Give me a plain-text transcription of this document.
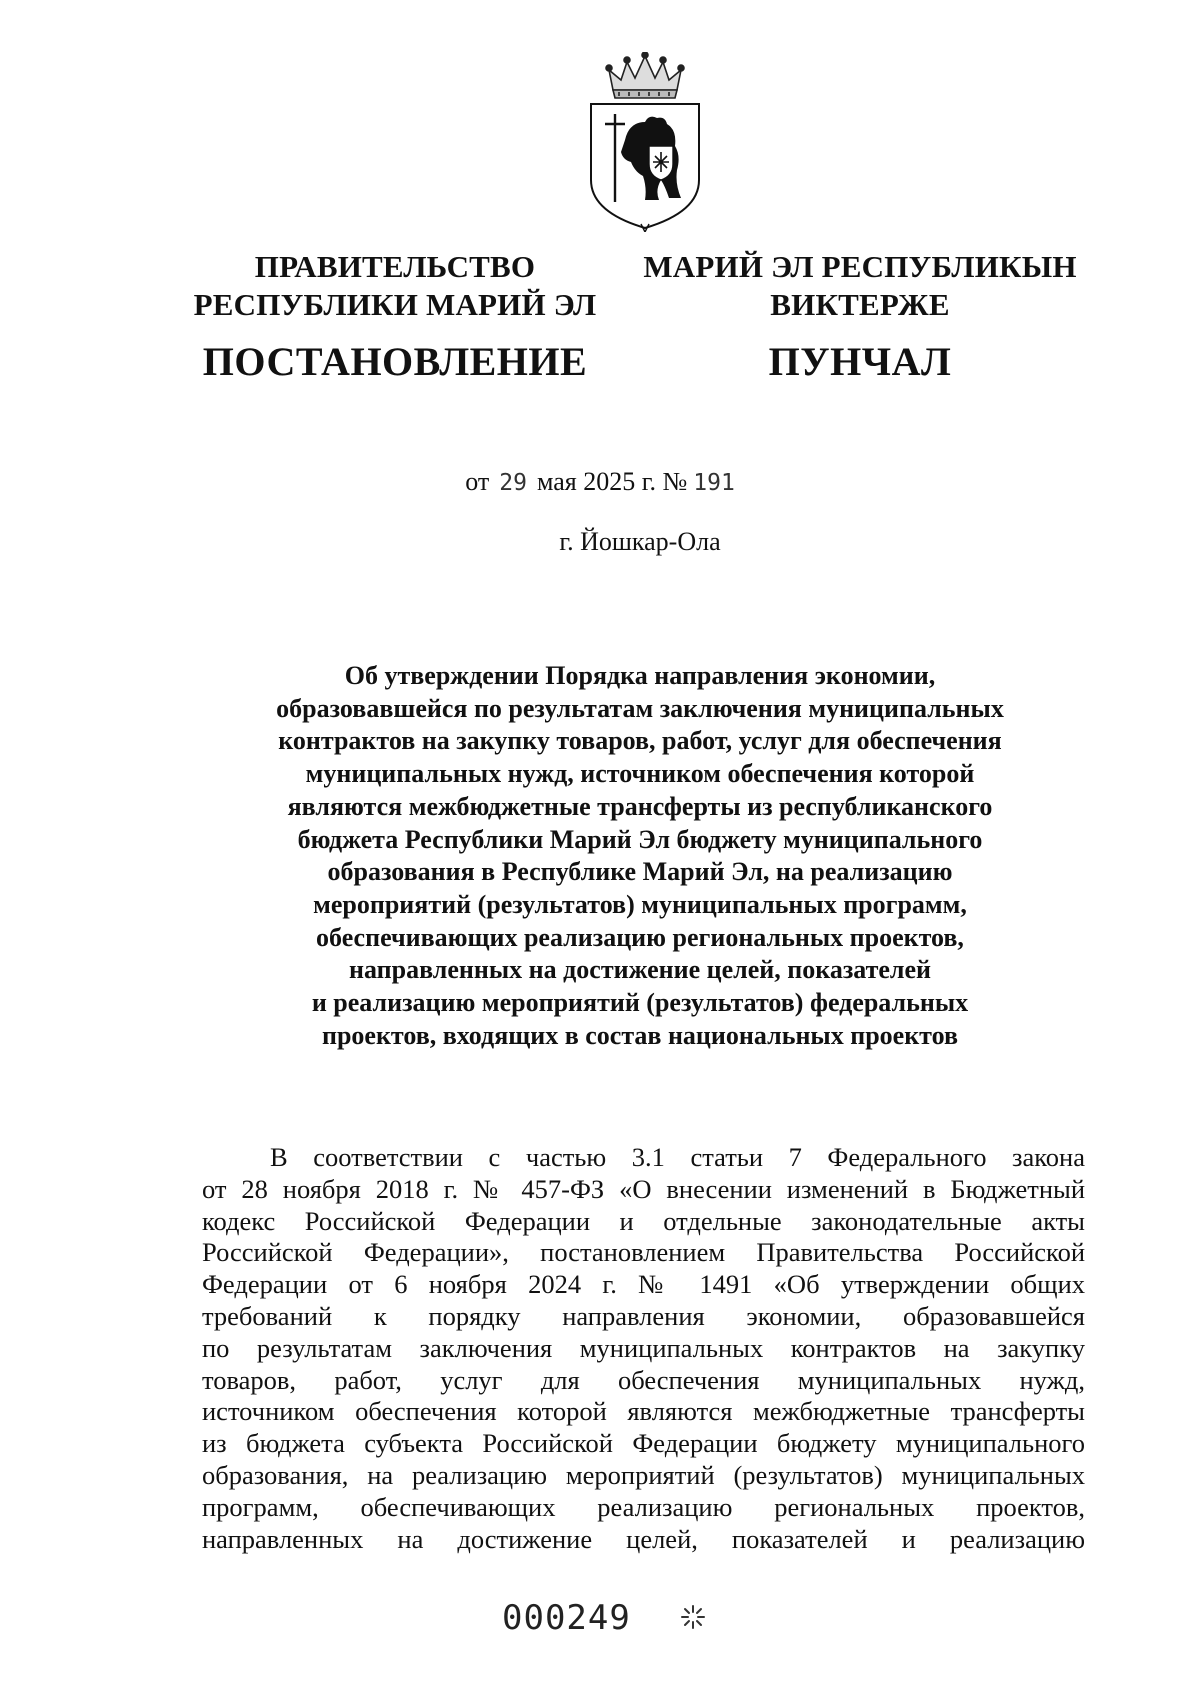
ПРАВИТЕЛЬСТВО
РЕСПУБЛИКИ МАРИЙ ЭЛ
ПОСТАНОВЛЕНИЕ
МАРИЙ ЭЛ РЕСПУБЛИКЫН
ВИКТЕРЖЕ
ПУНЧАЛ
от 29 мая 2025 г. № 191
г. Йошкар-Ола
Об утверждении Порядка направления экономии,
образовавшейся по результатам заключения муниципальных
контрактов на закупку товаров, работ, услуг для обеспечения
муниципальных нужд, источником обеспечения которой
являются межбюджетные трансферты из республиканского
бюджета Республики Марий Эл бюджету муниципального
образования в Республике Марий Эл, на реализацию
мероприятий (результатов) муниципальных программ,
обеспечивающих реализацию региональных проектов,
направленных на достижение целей, показателей
и реализацию мероприятий (результатов) федеральных
проектов, входящих в состав национальных проектов
В соответствии с частью 3.1 статьи 7 Федерального закона
от 28 ноября 2018 г. № 457-ФЗ «О внесении изменений в Бюджетный
кодекс Российской Федерации и отдельные законодательные акты
Российской Федерации», постановлением Правительства Российской
Федерации от 6 ноября 2024 г. № 1491 «Об утверждении общих
требований к порядку направления экономии, образовавшейся
по результатам заключения муниципальных контрактов на закупку
товаров, работ, услуг для обеспечения муниципальных нужд,
источником обеспечения которой являются межбюджетные трансферты
из бюджета субъекта Российской Федерации бюджету муниципального
образования, на реализацию мероприятий (результатов) муниципальных
программ, обеспечивающих реализацию региональных проектов,
направленных на достижение целей, показателей и реализацию
000249
